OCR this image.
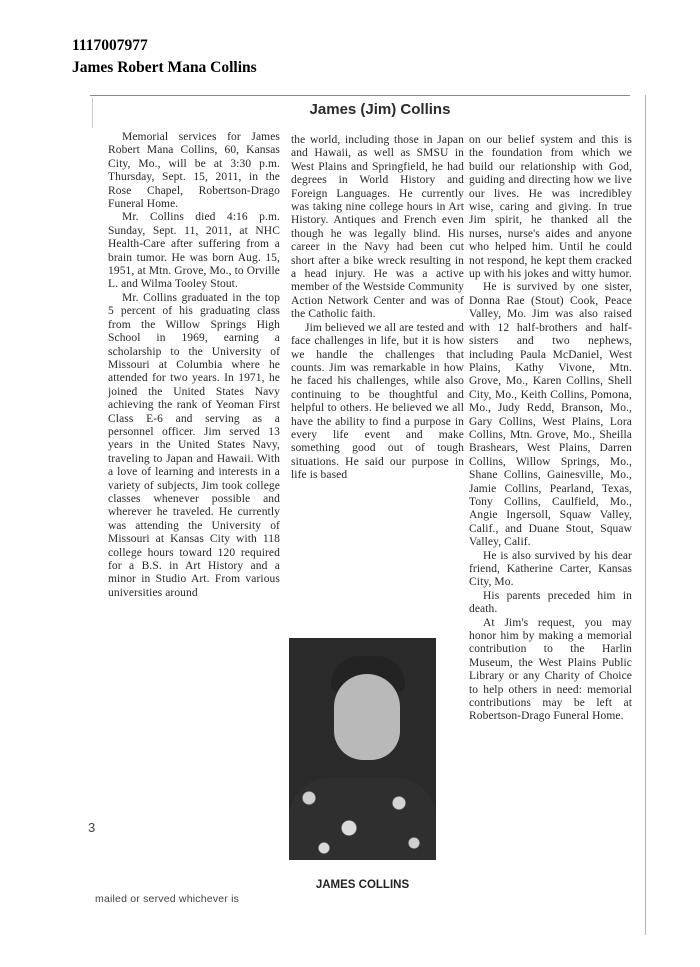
1117007977
James Robert Mana Collins
James (Jim) Collins

Memorial services for James Robert Mana Collins, 60, Kansas City, Mo., will be at 3:30 p.m. Thursday, Sept. 15, 2011, in the Rose Chapel, Robertson-Drago Funeral Home.

Mr. Collins died 4:16 p.m. Sunday, Sept. 11, 2011, at NHC Health-Care after suffering from a brain tumor. He was born Aug. 15, 1951, at Mtn. Grove, Mo., to Orville L. and Wilma Tooley Stout.

Mr. Collins graduated in the top 5 percent of his graduating class from the Willow Springs High School in 1969, earning a scholarship to the University of Missouri at Columbia where he attended for two years. In 1971, he joined the United States Navy achieving the rank of Yeoman First Class E-6 and serving as a personnel officer. Jim served 13 years in the United States Navy, traveling to Japan and Hawaii. With a love of learning and interests in a variety of subjects, Jim took college classes whenever possible and wherever he traveled. He currently was attending the University of Missouri at Kansas City with 118 college hours toward 120 required for a B.S. in Art History and a minor in Studio Art. From various universities around

the world, including those in Japan and Hawaii, as well as SMSU in West Plains and Springfield, he had degrees in World History and Foreign Languages. He currently was taking nine college hours in Art History. Antiques and French even though he was legally blind. His career in the Navy had been cut short after a bike wreck resulting in a head injury. He was a active member of the Westside Community Action Network Center and was of the Catholic faith.

Jim believed we all are tested and face challenges in life, but it is how we handle the challenges that counts. Jim was remarkable in how he faced his challenges, while also continuing to be thoughtful and helpful to others. He believed we all have the ability to find a purpose in every life event and make something good out of tough situations. He said our purpose in life is based

on our belief system and this is the foundation from which we build our relationship with God, guiding and directing how we live our lives. He was incredibley wise, caring and giving. In true Jim spirit, he thanked all the nurses, nurse's aides and anyone who helped him. Until he could not respond, he kept them cracked up with his jokes and witty humor.

He is survived by one sister, Donna Rae (Stout) Cook, Peace Valley, Mo. Jim was also raised with 12 half-brothers and half-sisters and two nephews, including Paula McDaniel, West Plains, Kathy Vivone, Mtn. Grove, Mo., Karen Collins, Shell City, Mo., Keith Collins, Pomona, Mo., Judy Redd, Branson, Mo., Gary Collins, West Plains, Lora Collins, Mtn. Grove, Mo., Sheilla Brashears, West Plains, Darren Collins, Willow Springs, Mo., Shane Collins, Gainesville, Mo., Jamie Collins, Pearland, Texas, Tony Collins, Caulfield, Mo., Angie Ingersoll, Squaw Valley, Calif., and Duane Stout, Squaw Valley, Calif.

He is also survived by his dear friend, Katherine Carter, Kansas City, Mo.

His parents preceded him in death.

At Jim's request, you may honor him by making a memorial contribution to the Harlin Museum, the West Plains Public Library or any Charity of Choice to help others in need: memorial contributions may be left at Robertson-Drago Funeral Home.

JAMES COLLINS
3
mailed or served whichever is
